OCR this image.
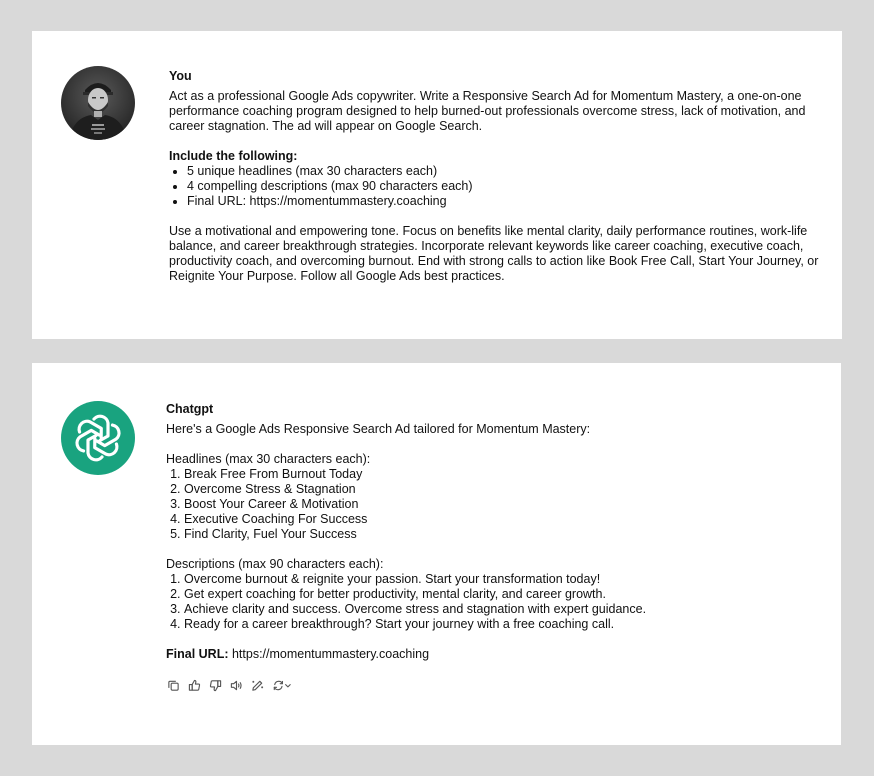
You

Act as a professional Google Ads copywriter. Write a Responsive Search Ad for Momentum Mastery, a one-on-one performance coaching program designed to help burned-out professionals overcome stress, lack of motivation, and career stagnation. The ad will appear on Google Search.

Include the following:

• 5 unique headlines (max 30 characters each)
• 4 compelling descriptions (max 90 characters each)
• Final URL: https://momentummastery.coaching

Use a motivational and empowering tone. Focus on benefits like mental clarity, daily performance routines, work-life balance, and career breakthrough strategies. Incorporate relevant keywords like career coaching, executive coach, productivity coach, and overcoming burnout. End with strong calls to action like Book Free Call, Start Your Journey, or Reignite Your Purpose. Follow all Google Ads best practices.

Chatgpt

Here's a Google Ads Responsive Search Ad tailored for Momentum Mastery:

Headlines (max 30 characters each):

1. Break Free From Burnout Today
2. Overcome Stress & Stagnation
3. Boost Your Career & Motivation
4. Executive Coaching For Success
5. Find Clarity, Fuel Your Success

Descriptions (max 90 characters each):

1. Overcome burnout & reignite your passion. Start your transformation today!
2. Get expert coaching for better productivity, mental clarity, and career growth.
3. Achieve clarity and success. Overcome stress and stagnation with expert guidance.
4. Ready for a career breakthrough? Start your journey with a free coaching call.

Final URL: https://momentummastery.coaching
